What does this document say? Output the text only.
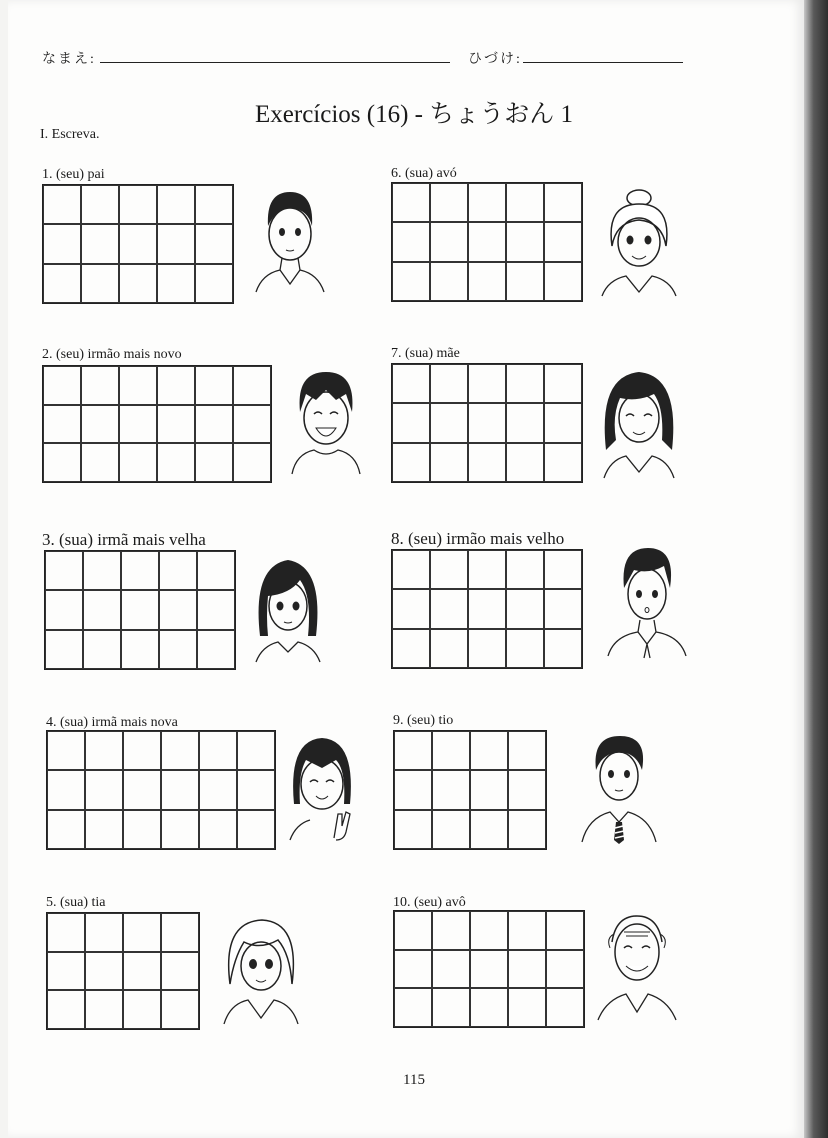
なまえ:	ひづけ:
Exercícios (16) - ちょうおん 1
I. Escreva.
1. (seu) pai
2. (seu) irmão mais novo
3. (sua) irmã mais velha
4. (sua) irmã mais nova
5. (sua) tia
6. (sua) avó
7. (sua) mãe
8. (seu) irmão mais velho
9. (seu) tio
10. (seu) avô
115
